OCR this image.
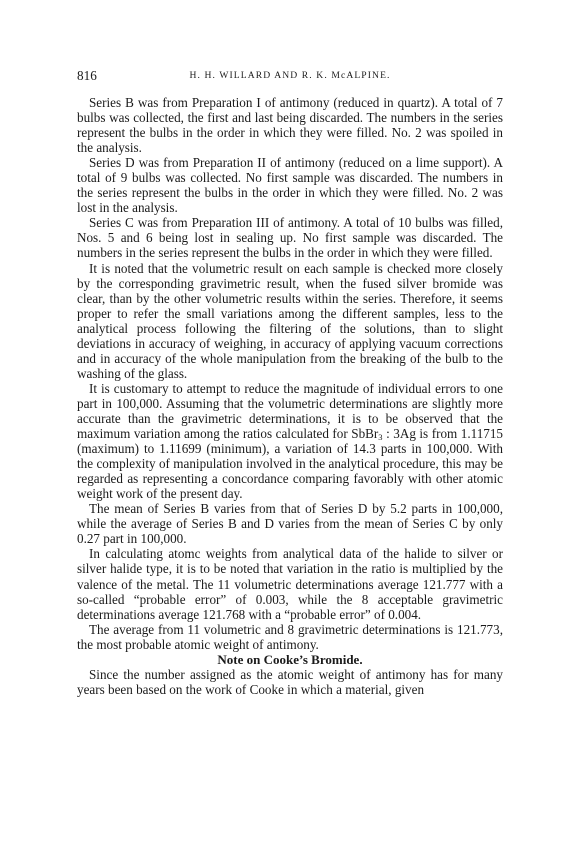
816	H. H. WILLARD AND R. K. McALPINE.

Series B was from Preparation I of antimony (reduced in quartz). A total of 7 bulbs was collected, the first and last being discarded. The numbers in the series represent the bulbs in the order in which they were filled. No. 2 was spoiled in the analysis.

Series D was from Preparation II of antimony (reduced on a lime support). A total of 9 bulbs was collected. No first sample was discarded. The numbers in the series represent the bulbs in the order in which they were filled. No. 2 was lost in the analysis.

Series C was from Preparation III of antimony. A total of 10 bulbs was filled, Nos. 5 and 6 being lost in sealing up. No first sample was discarded. The numbers in the series represent the bulbs in the order in which they were filled.

It is noted that the volumetric result on each sample is checked more closely by the corresponding gravimetric result, when the fused silver bromide was clear, than by the other volumetric results within the series. Therefore, it seems proper to refer the small variations among the different samples, less to the analytical process following the filtering of the solutions, than to slight deviations in accuracy of weighing, in accuracy of applying vacuum corrections and in accuracy of the whole manipulation from the breaking of the bulb to the washing of the glass.

It is customary to attempt to reduce the magnitude of individual errors to one part in 100,000. Assuming that the volumetric determinations are slightly more accurate than the gravimetric determinations, it is to be observed that the maximum variation among the ratios calculated for SbBr$_3$ : 3Ag is from 1.11715 (maximum) to 1.11699 (minimum), a variation of 14.3 parts in 100,000. With the complexity of manipulation involved in the analytical procedure, this may be regarded as representing a concordance comparing favorably with other atomic weight work of the present day.

The mean of Series B varies from that of Series D by 5.2 parts in 100,000, while the average of Series B and D varies from the mean of Series C by only 0.27 part in 100,000.

In calculating atomc weights from analytical data of the halide to silver or silver halide type, it is to be noted that variation in the ratio is multiplied by the valence of the metal. The 11 volumetric determinations average 121.777 with a so-called “probable error” of 0.003, while the 8 acceptable gravimetric determinations average 121.768 with a “probable error” of 0.004.

The average from 11 volumetric and 8 gravimetric determinations is 121.773, the most probable atomic weight of antimony.

Note on Cooke’s Bromide.

Since the number assigned as the atomic weight of antimony has for many years been based on the work of Cooke in which a material, given
